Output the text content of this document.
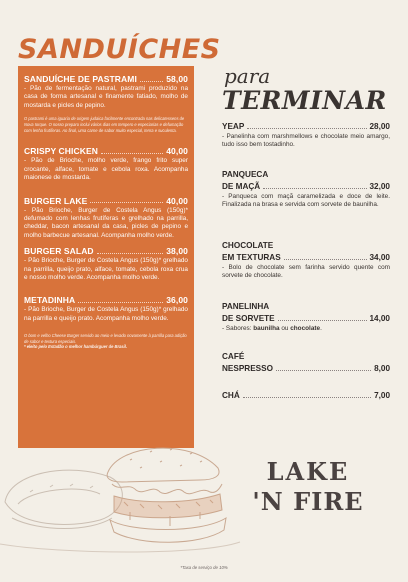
SANDUÍCHES
SANDUÍCHE DE PASTRAMI	58,00
- Pão de fermentação natural, pastrami produzido na casa de forma artesanal e finamente fatiado, molho de mostarda e picles de pepino.
O pastrami é uma iguaria de origem judaica facilmente encontrada nas delicatessens de Nova Iorque. O nosso preparo inclui vários dias em tempero e especiarias e defumação com lenha frutíferas. Ao final, uma carne de sabor muito especial, tenra e suculenta.
CRISPY CHICKEN	40,00
- Pão de Brioche, molho verde, frango frito super crocante, alface, tomate e cebola roxa. Acompanha maionese de mostarda.
BURGER LAKE	40,00
- Pão Brioche, Burger de Costela Angus (150g)* defumado com lenhas frutíferas e grelhado na parrilla, cheddar, bacon artesanal da casa, picles de pepino e molho barbecue artesanal. Acompanha molho verde.
BURGER SALAD	38,00
- Pão Brioche, Burger de Costela Angus (150g)* grelhado na parrilla, queijo prato, alface, tomate, cebola roxa crua e nosso molho verde. Acompanha molho verde.
METADINHA	36,00
- Pão Brioche, Burger de Costela Angus (150g)* grelhado na parrilla e queijo prato. Acompanha molho verde.
O bom e velho Cheese Burger servido ao meio e levado novamente à parrilla para adição de sabor e textura especiais.
* eleito pelo Estadão o melhor hambúrguer de Brasil.
para
TERMINAR
YEAP	28,00
- Panelinha com marshmellows e chocolate meio amargo, tudo isso bem tostadinho.
PANQUECA
DE MAÇÃ	32,00
- Panqueca com maçã caramelizada e doce de leite. Finalizada na brasa e servida com sorvete de baunilha.
CHOCOLATE
EM TEXTURAS	34,00
- Bolo de chocolate sem farinha servido quente com sorvete de chocolate.
PANELINHA
DE SORVETE	14,00
- Sabores: baunilha ou chocolate.
CAFÉ
NESPRESSO	8,00
CHÁ	7,00
LAKE
'N FIRE
*Taxa de serviço de 10%
